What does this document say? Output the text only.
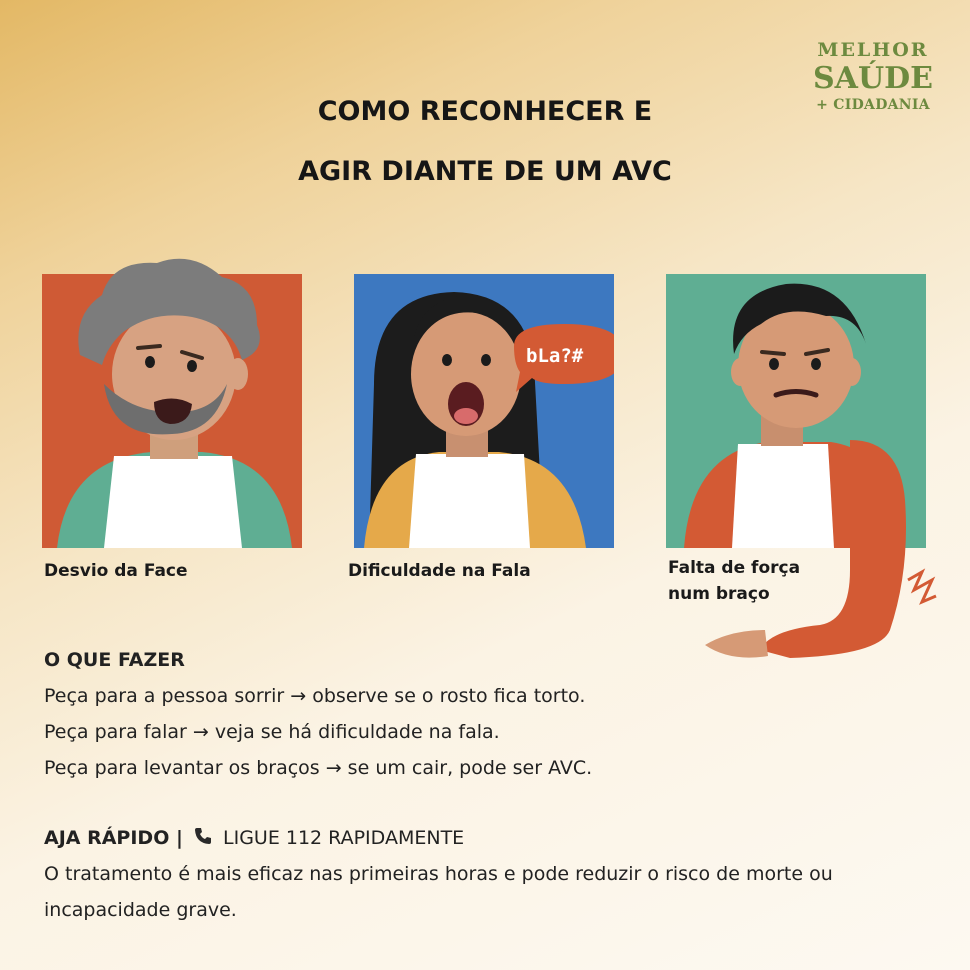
MELHOR
SAÚDE
+ CIDADANIA
COMO RECONHECER E
AGIR DIANTE DE UM AVC
Desvio da Face
bLa?#
Dificuldade na Fala	Falta de força
num braço
O QUE FAZER
Peça para a pessoa sorrir → observe se o rosto fica torto.
Peça para falar → veja se há dificuldade na fala.
Peça para levantar os braços → se um cair, pode ser AVC.
AJA RÁPIDO | LIGUE 112 RAPIDAMENTE
O tratamento é mais eficaz nas primeiras horas e pode reduzir o risco de morte ou
incapacidade grave.
